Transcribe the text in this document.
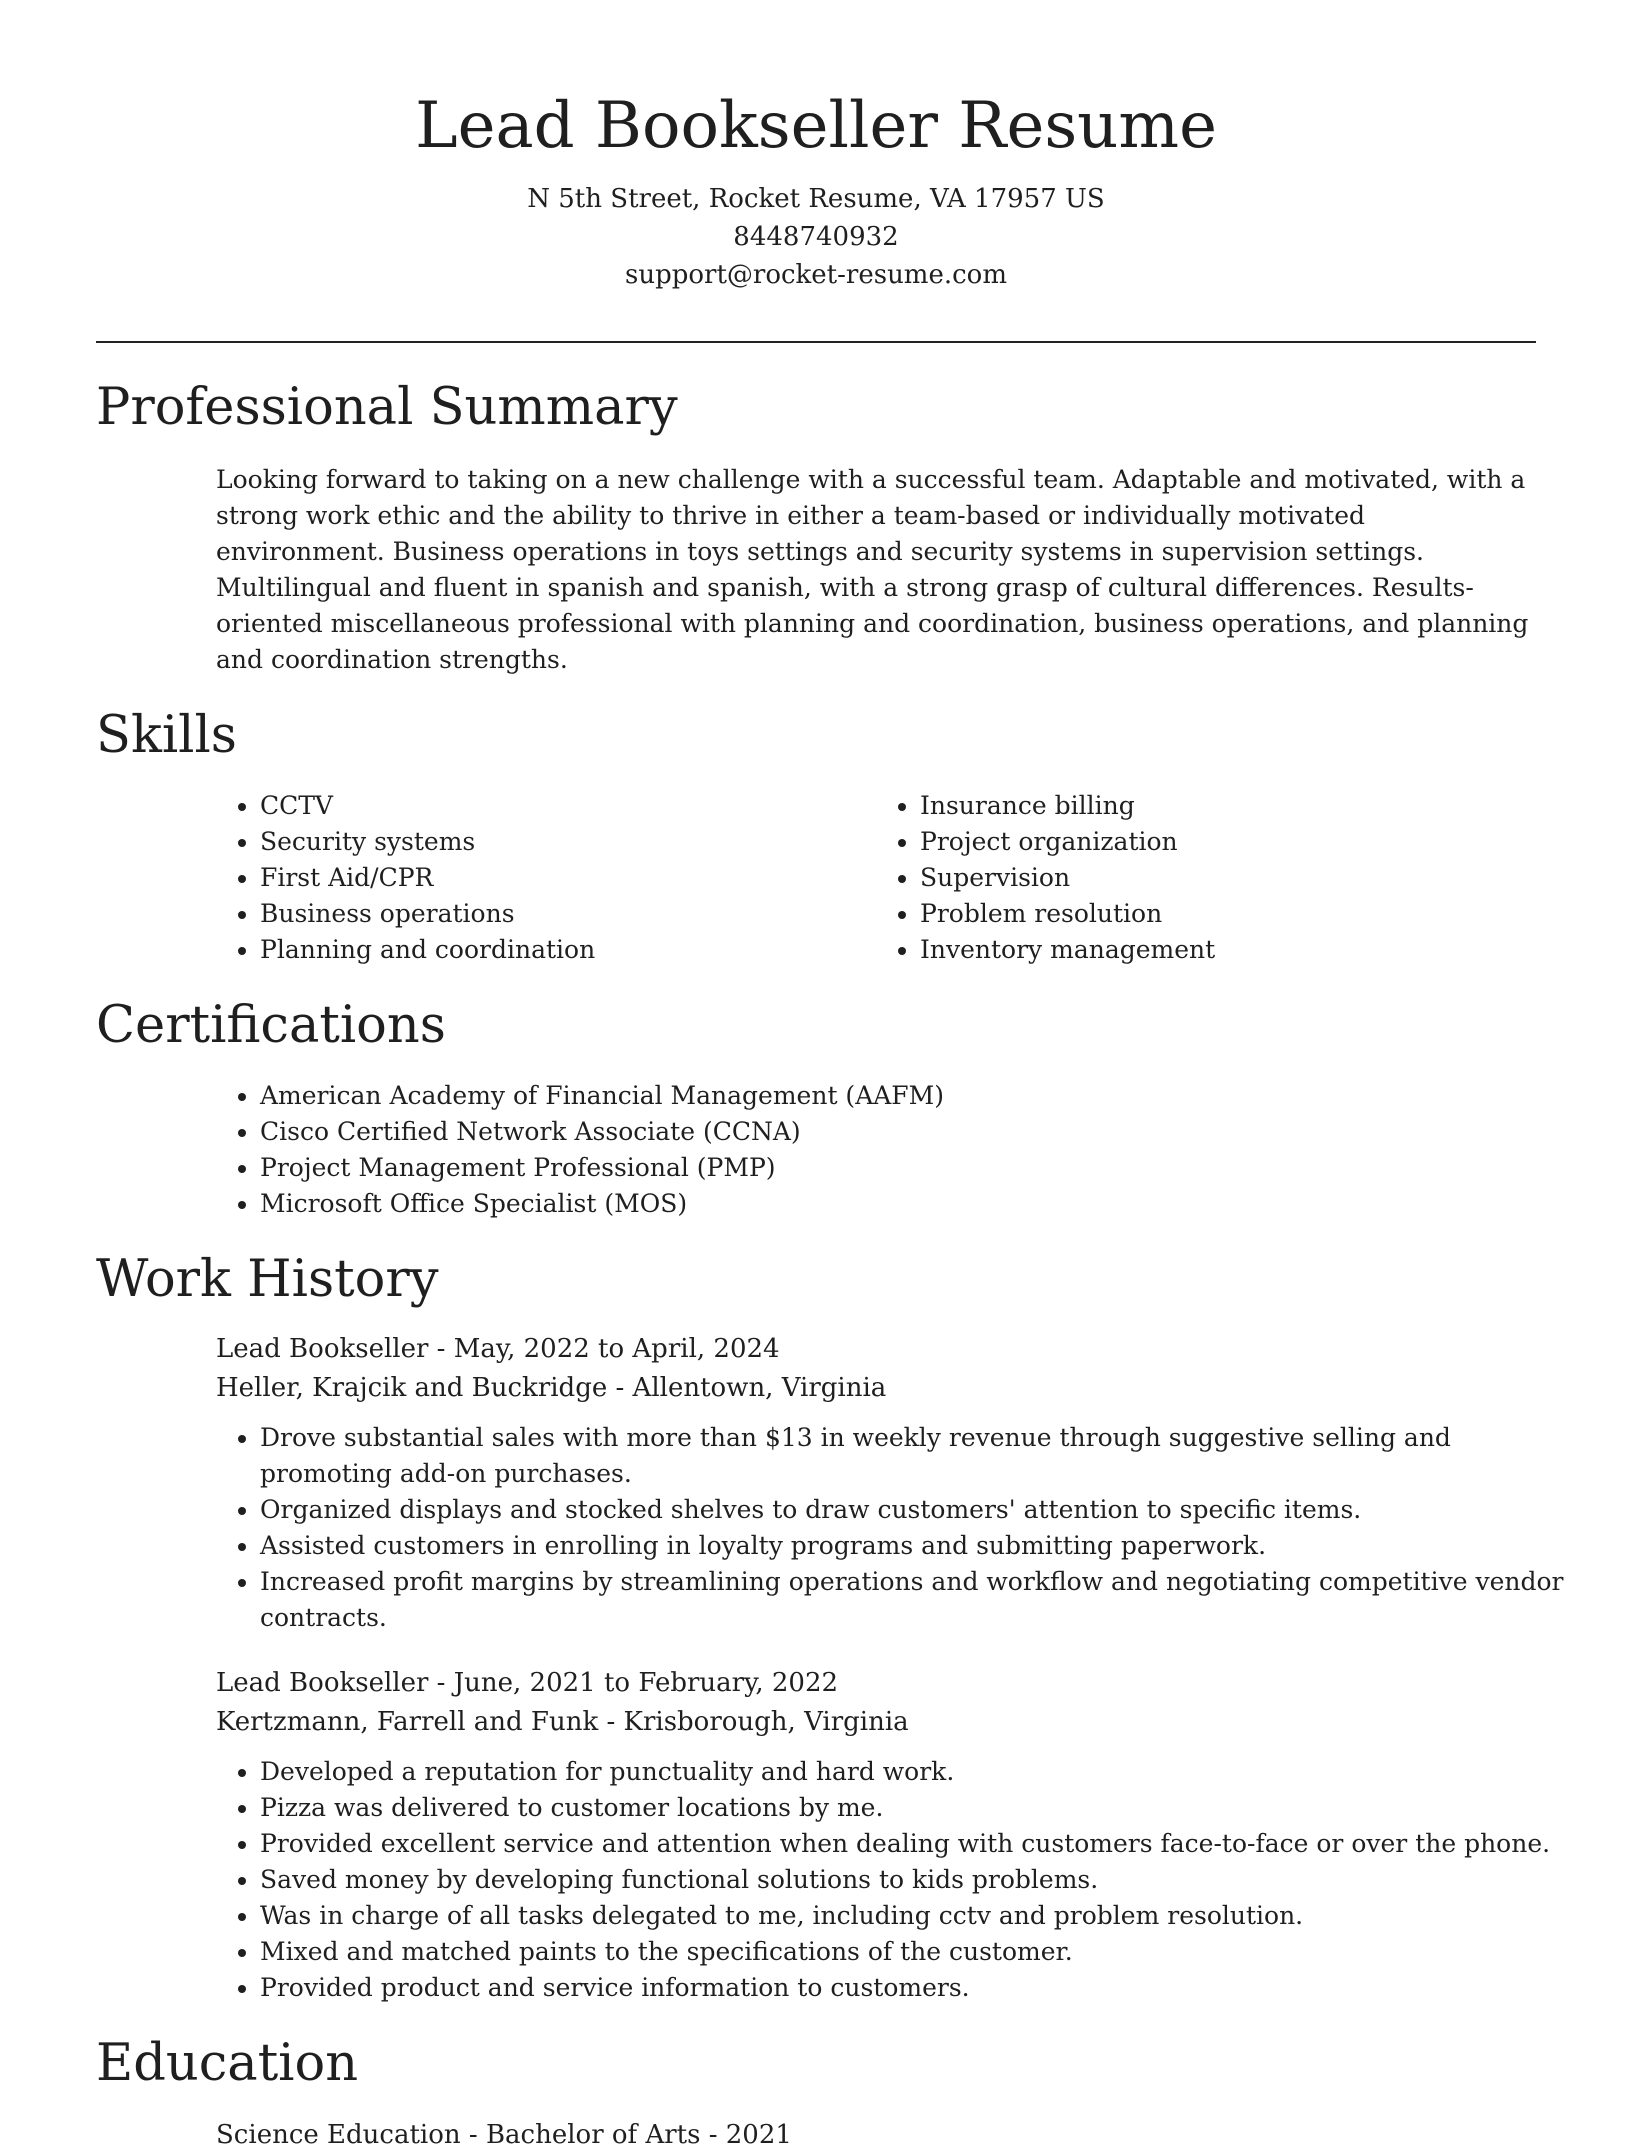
Lead Bookseller Resume
N 5th Street, Rocket Resume, VA 17957 US
8448740932
support@rocket-resume.com
Professional Summary

Looking forward to taking on a new challenge with a successful team. Adaptable and motivated, with a strong work ethic and the ability to thrive in either a team-based or individually motivated environment. Business operations in toys settings and security systems in supervision settings. Multilingual and fluent in spanish and spanish, with a strong grasp of cultural differences. Results-oriented miscellaneous professional with planning and coordination, business operations, and planning and coordination strengths.

Skills
• CCTV
• Security systems
• First Aid/CPR
• Business operations
• Planning and coordination
• Insurance billing
• Project organization
• Supervision
• Problem resolution
• Inventory management
Certifications
• American Academy of Financial Management (AAFM)
• Cisco Certified Network Associate (CCNA)
• Project Management Professional (PMP)
• Microsoft Office Specialist (MOS)
Work History
Lead Bookseller - May, 2022 to April, 2024
Heller, Krajcik and Buckridge - Allentown, Virginia
• Drove substantial sales with more than $13 in weekly revenue through suggestive selling and promoting add-on purchases.
• Organized displays and stocked shelves to draw customers' attention to specific items.
• Assisted customers in enrolling in loyalty programs and submitting paperwork.
• Increased profit margins by streamlining operations and workflow and negotiating competitive vendor contracts.
Lead Bookseller - June, 2021 to February, 2022
Kertzmann, Farrell and Funk - Krisborough, Virginia
• Developed a reputation for punctuality and hard work.
• Pizza was delivered to customer locations by me.
• Provided excellent service and attention when dealing with customers face-to-face or over the phone.
• Saved money by developing functional solutions to kids problems.
• Was in charge of all tasks delegated to me, including cctv and problem resolution.
• Mixed and matched paints to the specifications of the customer.
• Provided product and service information to customers.
Education
Science Education - Bachelor of Arts - 2021
